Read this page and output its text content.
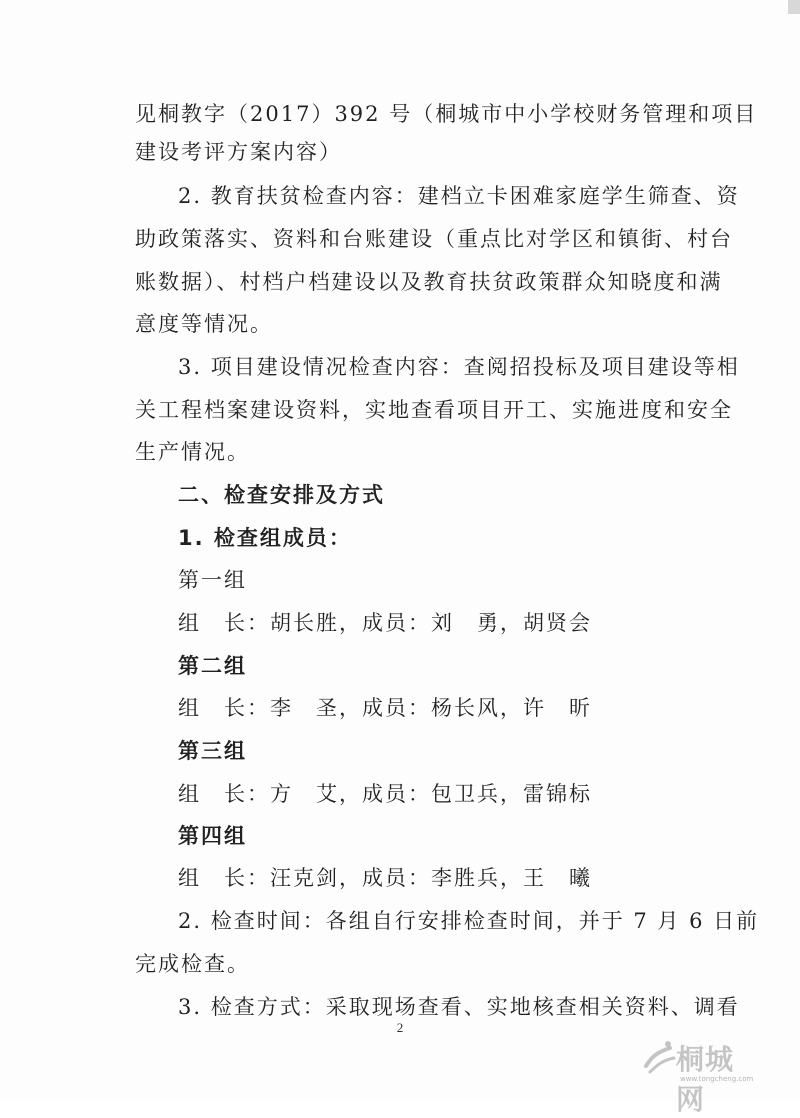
见桐教字（2017）392 号（桐城市中小学校财务管理和项目
建设考评方案内容）
2. 教育扶贫检查内容：建档立卡困难家庭学生筛查、资
助政策落实、资料和台账建设（重点比对学区和镇街、村台
账数据）、村档户档建设以及教育扶贫政策群众知晓度和满
意度等情况。
3. 项目建设情况检查内容：查阅招投标及项目建设等相
关工程档案建设资料，实地查看项目开工、实施进度和安全
生产情况。
二、检查安排及方式
1. 检查组成员：
第一组
组　长：胡长胜，成员：刘　勇，胡贤会
第二组
组　长：李　圣，成员：杨长风，许　昕
第三组
组　长：方　艾，成员：包卫兵，雷锦标
第四组
组　长：汪克剑，成员：李胜兵，王　曦
2. 检查时间：各组自行安排检查时间，并于 7 月 6 日前
完成检查。
3. 检查方式：采取现场查看、实地核查相关资料、调看
2
桐城网
www.tongcheng.com
